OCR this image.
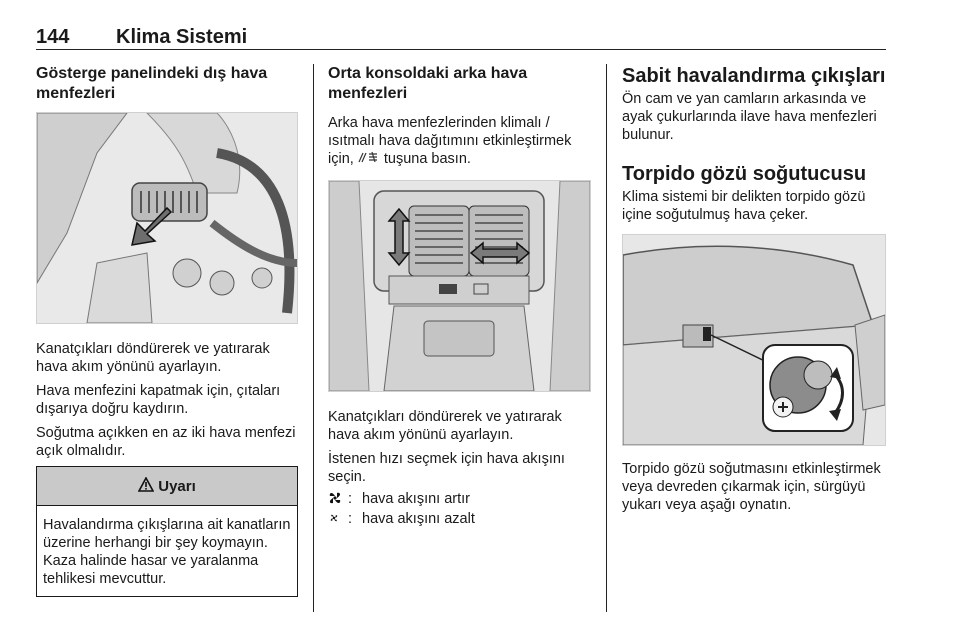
144 Klima Sistemi
Gösterge panelindeki dış hava menfezleri

Kanatçıkları döndürerek ve yatırarak hava akım yönünü ayarlayın.

Hava menfezini kapatmak için, çıtaları dışarıya doğru kaydırın.

Soğutma açıkken en az iki hava menfezi açık olmalıdır.

Uyarı

Havalandırma çıkışlarına ait kanatların üzerine herhangi bir şey koymayın. Kaza halinde hasar ve yaralanma tehlikesi mevcuttur.

Orta konsoldaki arka hava menfezleri

Arka hava menfezlerinden klimalı / ısıtmalı hava dağıtımını etkinleştirmek için,  tuşuna basın.

Kanatçıkları döndürerek ve yatırarak hava akım yönünü ayarlayın.

İstenen hızı seçmek için hava akışını seçin.

: hava akışını artır
: hava akışını azalt
Sabit havalandırma çıkışları

Ön cam ve yan camların arkasında ve ayak çukurlarında ilave hava menfezleri bulunur.

Torpido gözü soğutucusu

Klima sistemi bir delikten torpido gözü içine soğutulmuş hava çeker.

Torpido gözü soğutmasını etkinleştirmek veya devreden çıkarmak için, sürgüyü yukarı veya aşağı oynatın.
